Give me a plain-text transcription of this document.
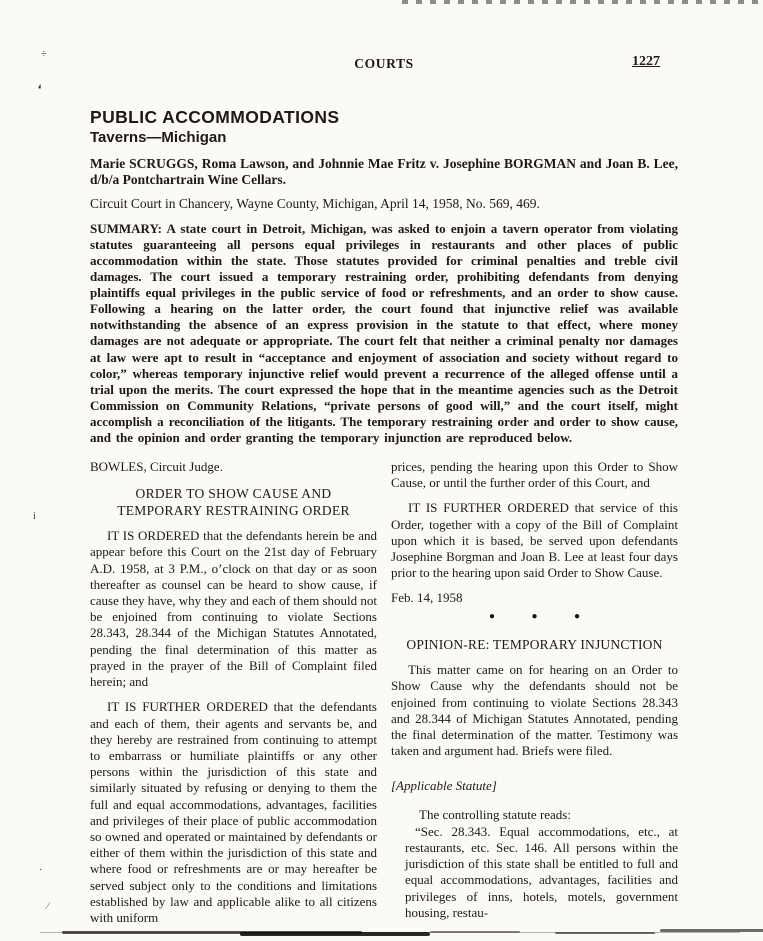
÷
❛
i
·
⁄
COURTS	1227
PUBLIC ACCOMMODATIONS
Taverns—Michigan
Marie SCRUGGS, Roma Lawson, and Johnnie Mae Fritz v. Josephine BORGMAN and Joan B. Lee, d/b/a Pontchartrain Wine Cellars.
Circuit Court in Chancery, Wayne County, Michigan, April 14, 1958, No. 569, 469.
SUMMARY: A state court in Detroit, Michigan, was asked to enjoin a tavern operator from violating statutes guaranteeing all persons equal privileges in restaurants and other places of public accommodation within the state. Those statutes provided for criminal penalties and treble civil damages. The court issued a temporary restraining order, prohibiting defendants from denying plaintiffs equal privileges in the public service of food or refreshments, and an order to show cause. Following a hearing on the latter order, the court found that injunctive relief was available notwithstanding the absence of an express provision in the statute to that effect, where money damages are not adequate or appropriate. The court felt that neither a criminal penalty nor damages at law were apt to result in “acceptance and enjoyment of association and society without regard to color,” whereas temporary injunctive relief would prevent a recurrence of the alleged offense until a trial upon the merits. The court expressed the hope that in the meantime agencies such as the Detroit Commission on Community Relations, “private persons of good will,” and the court itself, might accomplish a reconciliation of the litigants. The temporary restraining order and order to show cause, and the opinion and order granting the temporary injunction are reproduced below.
BOWLES, Circuit Judge.
ORDER TO SHOW CAUSE AND
TEMPORARY RESTRAINING ORDER

IT IS ORDERED that the defendants herein be and appear before this Court on the 21st day of February A.D. 1958, at 3 P.M., o’clock on that day or as soon thereafter as counsel can be heard to show cause, if cause they have, why they and each of them should not be enjoined from continuing to violate Sections 28.343, 28.344 of the Michigan Statutes Annotated, pending the final determination of this matter as prayed in the prayer of the Bill of Complaint filed herein; and

IT IS FURTHER ORDERED that the defendants and each of them, their agents and servants be, and they hereby are restrained from continuing to attempt to embarrass or humiliate plaintiffs or any other persons within the jurisdiction of this state and similarly situated by refusing or denying to them the full and equal accommodations, advantages, facilities and privileges of their place of public accommodation so owned and operated or maintained by defendants or either of them within the jurisdiction of this state and where food or refreshments are or may hereafter be served subject only to the conditions and limitations established by law and applicable alike to all citizens with uniform

prices, pending the hearing upon this Order to Show Cause, or until the further order of this Court, and

IT IS FURTHER ORDERED that service of this Order, together with a copy of the Bill of Complaint upon which it is based, be served upon defendants Josephine Borgman and Joan B. Lee at least four days prior to the hearing upon said Order to Show Cause.

Feb. 14, 1958
● ● ●
OPINION-RE: TEMPORARY INJUNCTION

This matter came on for hearing on an Order to Show Cause why the defendants should not be enjoined from continuing to violate Sections 28.343 and 28.344 of Michigan Statutes Annotated, pending the final determination of the matter. Testimony was taken and argument had. Briefs were filed.

[Applicable Statute]
The controlling statute reads:

“Sec. 28.343. Equal accommodations, etc., at restaurants, etc. Sec. 146. All persons within the jurisdiction of this state shall be entitled to full and equal accommodations, advantages, facilities and privileges of inns, hotels, motels, government housing, restau-
